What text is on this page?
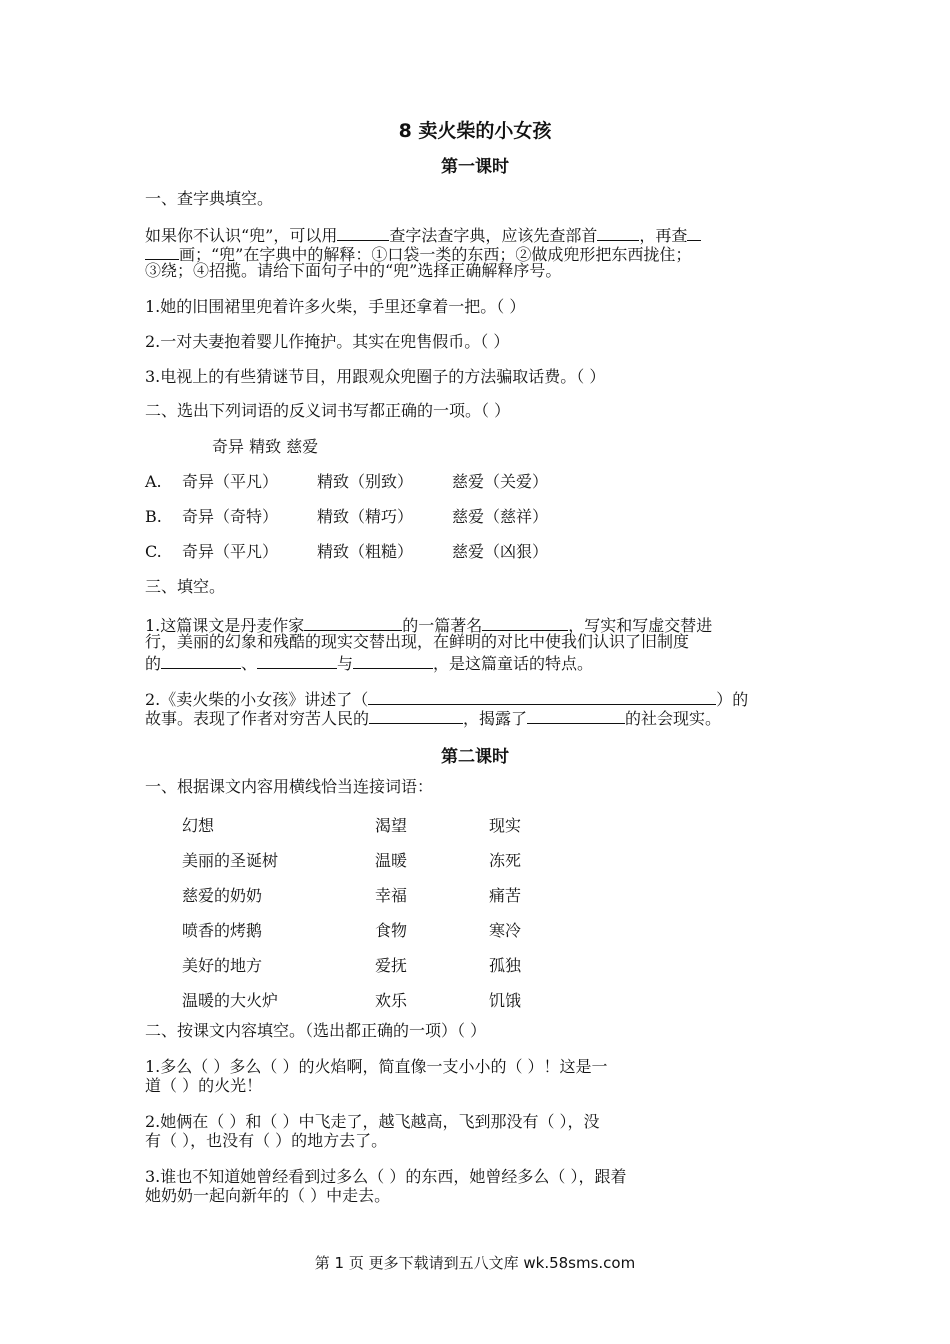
8 卖火柴的小女孩
第一课时
一、查字典填空。
如果你不认识“兜”，可以用	查字法查字典，应该先查部首	，再查
画；“兜”在字典中的解释：①口袋一类的东西；②做成兜形把东西拢住；
③绕；④招揽。请给下面句子中的“兜”选择正确解释序号。
1.她的旧围裙里兜着许多火柴，手里还拿着一把。（ ）
2.一对夫妻抱着婴儿作掩护。其实在兜售假币。（ ）
3.电视上的有些猜谜节目，用跟观众兜圈子的方法骗取话费。（ ）
二、选出下列词语的反义词书写都正确的一项。（ ）
奇异 精致 慈爱
A. 奇异（平凡） 精致（别致） 慈爱（关爱）
B. 奇异（奇特） 精致（精巧） 慈爱（慈祥）
C. 奇异（平凡） 精致（粗糙） 慈爱（凶狠）
三、填空。
1.这篇课文是丹麦作家	的一篇著名	，写实和写虚交替进
行，美丽的幻象和残酷的现实交替出现，在鲜明的对比中使我们认识了旧制度
的	、	与	，是这篇童话的特点。
2.《卖火柴的小女孩》讲述了（	）的
故事。表现了作者对穷苦人民的	，揭露了	的社会现实。
第二课时
一、根据课文内容用横线恰当连接词语：
幻想	渴望	现实
美丽的圣诞树	温暖	冻死
慈爱的奶奶	幸福	痛苦
喷香的烤鹅	食物	寒冷
美好的地方	爱抚	孤独
温暖的大火炉	欢乐	饥饿
二、按课文内容填空。（选出都正确的一项）（ ）
1.多么（ ）多么（ ）的火焰啊，简直像一支小小的（ ）！这是一
道（ ）的火光！
2.她俩在（ ）和（ ）中飞走了，越飞越高，飞到那没有（ ），没
有（ ），也没有（ ）的地方去了。
3.谁也不知道她曾经看到过多么（ ）的东西，她曾经多么（ ），跟着
她奶奶一起向新年的（ ）中走去。
第 1 页 更多下载请到五八文库 wk.58sms.com
